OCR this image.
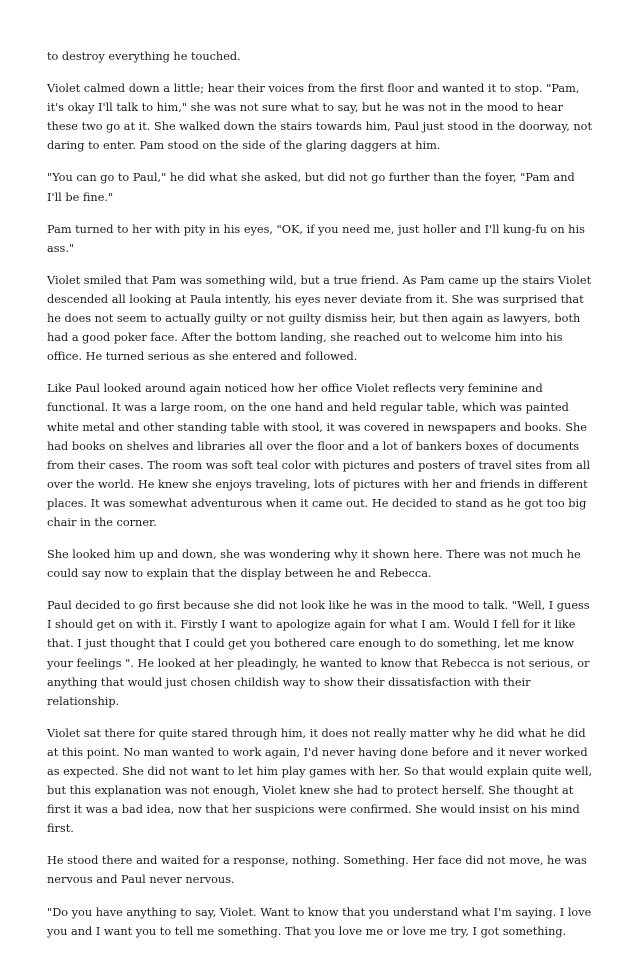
to destroy everything he touched.

Violet calmed down a little; hear their voices from the first floor and wanted it to stop. "Pam, it's okay I'll talk to him," she was not sure what to say, but he was not in the mood to hear these two go at it. She walked down the stairs towards him, Paul just stood in the doorway, not daring to enter. Pam stood on the side of the glaring daggers at him.

"You can go to Paul," he did what she asked, but did not go further than the foyer, "Pam and I'll be fine."

Pam turned to her with pity in his eyes, "OK, if you need me, just holler and I'll kung-fu on his ass."

Violet smiled that Pam was something wild, but a true friend. As Pam came up the stairs Violet descended all looking at Paula intently, his eyes never deviate from it. She was surprised that he does not seem to actually guilty or not guilty dismiss heir, but then again as lawyers, both had a good poker face. After the bottom landing, she reached out to welcome him into his office. He turned serious as she entered and followed.

Like Paul looked around again noticed how her office Violet reflects very feminine and functional. It was a large room, on the one hand and held regular table, which was painted white metal and other standing table with stool, it was covered in newspapers and books. She had books on shelves and libraries all over the floor and a lot of bankers boxes of documents from their cases. The room was soft teal color with pictures and posters of travel sites from all over the world. He knew she enjoys traveling, lots of pictures with her and friends in different places. It was somewhat adventurous when it came out. He decided to stand as he got too big chair in the corner.

She looked him up and down, she was wondering why it shown here. There was not much he could say now to explain that the display between he and Rebecca.

Paul decided to go first because she did not look like he was in the mood to talk. "Well, I guess I should get on with it. Firstly I want to apologize again for what I am. Would I fell for it like that. I just thought that I could get you bothered care enough to do something, let me know your feelings ". He looked at her pleadingly, he wanted to know that Rebecca is not serious, or anything that would just chosen childish way to show their dissatisfaction with their relationship.

Violet sat there for quite stared through him, it does not really matter why he did what he did at this point. No man wanted to work again, I'd never having done before and it never worked as expected. She did not want to let him play games with her. So that would explain quite well, but this explanation was not enough, Violet knew she had to protect herself. She thought at first it was a bad idea, now that her suspicions were confirmed. She would insist on his mind first.

He stood there and waited for a response, nothing. Something. Her face did not move, he was nervous and Paul never nervous.

"Do you have anything to say, Violet. Want to know that you understand what I'm saying. I love you and I want you to tell me something. That you love me or love me try, I got something.
